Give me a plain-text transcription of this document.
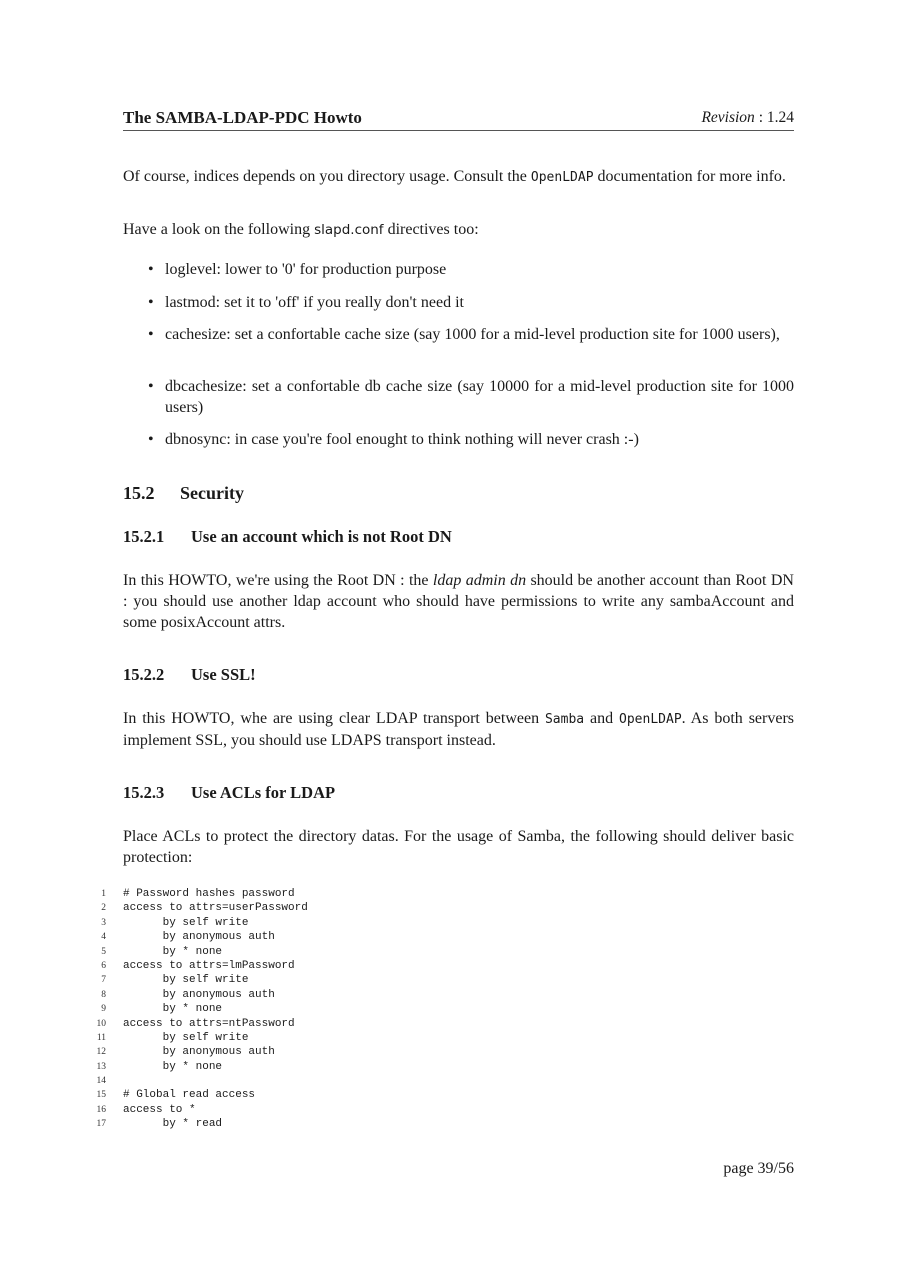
The SAMBA-LDAP-PDC Howto	Revision : 1.24
Of course, indices depends on you directory usage. Consult the OpenLDAP documentation for more info.
Have a look on the following slapd.conf directives too:
• loglevel: lower to '0' for production purpose
• lastmod: set it to 'off' if you really don't need it
• cachesize: set a confortable cache size (say 1000 for a mid-level production site for 1000 users),
• dbcachesize: set a confortable db cache size (say 10000 for a mid-level production site for 1000 users)
• dbnosync: in case you're fool enought to think nothing will never crash :-)
15.2 Security
15.2.1 Use an account which is not Root DN
In this HOWTO, we're using the Root DN : the ldap admin dn should be another account than Root DN : you should use another ldap account who should have permissions to write any sambaAccount and some posixAccount attrs.
15.2.2 Use SSL!
In this HOWTO, whe are using clear LDAP transport between Samba and OpenLDAP. As both servers implement SSL, you should use LDAPS transport instead.
15.2.3 Use ACLs for LDAP
Place ACLs to protect the directory datas. For the usage of Samba, the following should deliver basic protection:
1 # Password hashes password
2 access to attrs=userPassword
3 by self write
4 by anonymous auth
5 by * none
6 access to attrs=lmPassword
7 by self write
8 by anonymous auth
9 by * none
10 access to attrs=ntPassword
11 by self write
12 by anonymous auth
13 by * none
14
15 # Global read access
16 access to *
17 by * read
page 39/56
